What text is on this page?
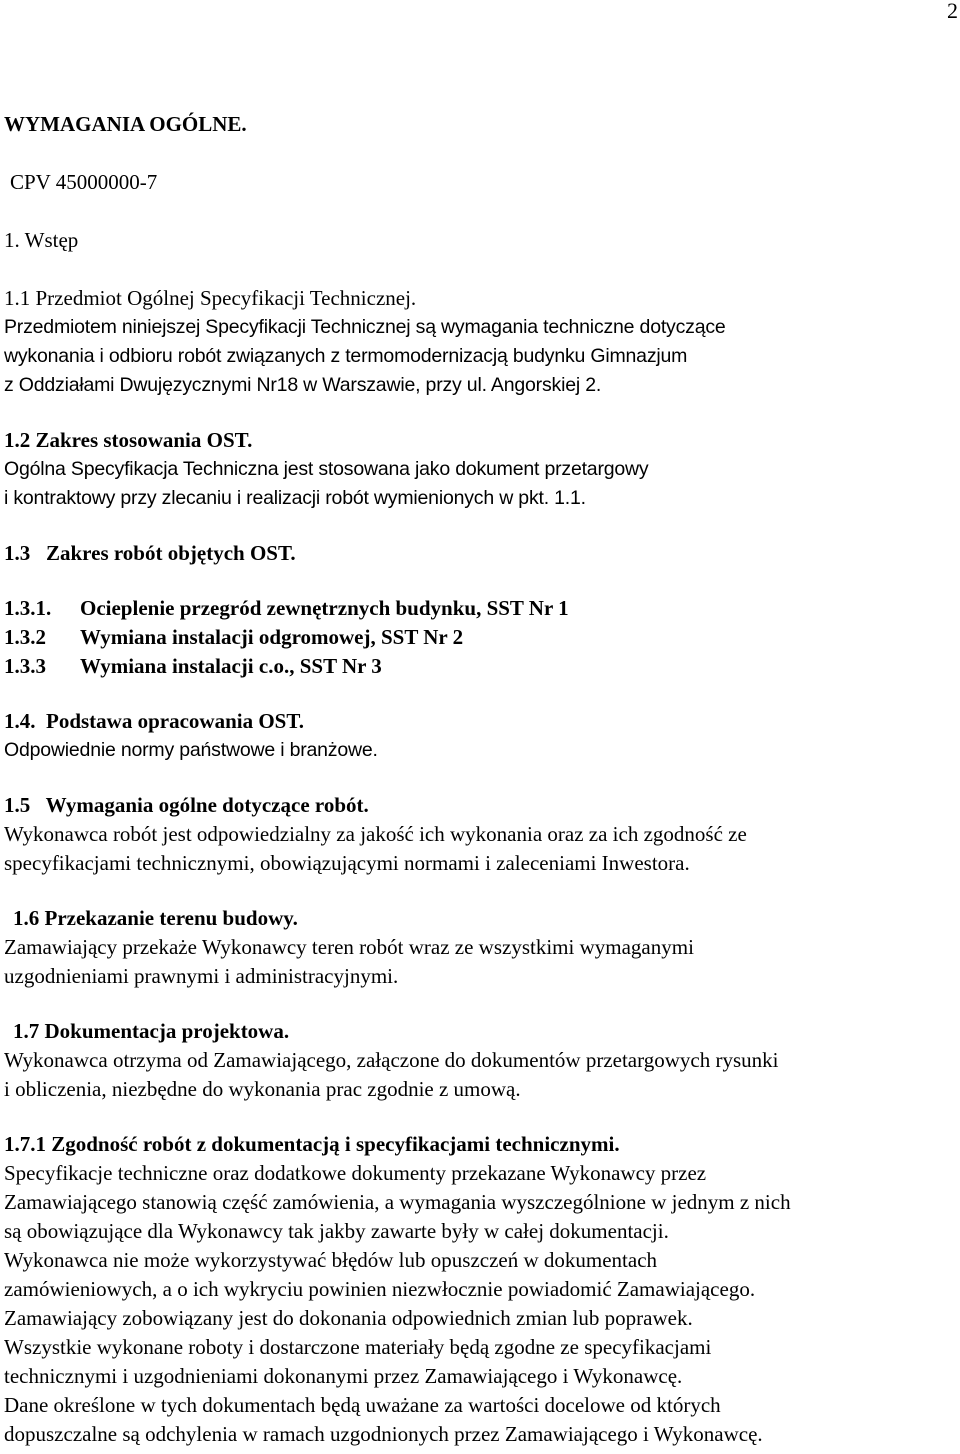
2
WYMAGANIA OGÓLNE.
CPV 45000000-7
1. Wstęp
1.1 Przedmiot Ogólnej Specyfikacji Technicznej.
Przedmiotem niniejszej Specyfikacji Technicznej są wymagania techniczne dotyczące
wykonania i odbioru robót związanych z termomodernizacją budynku Gimnazjum
z Oddziałami Dwujęzycznymi Nr18 w Warszawie, przy ul. Angorskiej 2.
1.2 Zakres stosowania OST.
Ogólna Specyfikacja Techniczna jest stosowana jako dokument przetargowy
i kontraktowy przy zlecaniu i realizacji robót wymienionych w pkt. 1.1.
1.3   Zakres robót objętych OST.
1.3.1. Ocieplenie przegród zewnętrznych budynku, SST Nr 1
1.3.2 Wymiana instalacji odgromowej, SST Nr 2
1.3.3 Wymiana instalacji c.o., SST Nr 3
1.4.  Podstawa opracowania OST.
Odpowiednie normy państwowe i branżowe.
1.5   Wymagania ogólne dotyczące robót.
Wykonawca robót jest odpowiedzialny za jakość ich wykonania oraz za ich zgodność ze
specyfikacjami technicznymi, obowiązującymi normami i zaleceniami Inwestora.
1.6 Przekazanie terenu budowy.
Zamawiający przekaże Wykonawcy teren robót wraz ze wszystkimi wymaganymi
uzgodnieniami prawnymi i administracyjnymi.
1.7 Dokumentacja projektowa.
Wykonawca otrzyma od Zamawiającego, załączone do dokumentów przetargowych rysunki
i obliczenia, niezbędne do wykonania prac zgodnie z umową.
1.7.1 Zgodność robót z dokumentacją i specyfikacjami technicznymi.
Specyfikacje techniczne oraz dodatkowe dokumenty przekazane Wykonawcy przez
Zamawiającego stanowią część zamówienia, a wymagania wyszczególnione w jednym z nich
są obowiązujące dla Wykonawcy tak jakby zawarte były w całej dokumentacji.
Wykonawca nie może wykorzystywać błędów lub opuszczeń w dokumentach
zamówieniowych, a o ich wykryciu powinien niezwłocznie powiadomić Zamawiającego.
Zamawiający zobowiązany jest do dokonania odpowiednich zmian lub poprawek.
Wszystkie wykonane roboty i dostarczone materiały będą zgodne ze specyfikacjami
technicznymi i uzgodnieniami dokonanymi przez Zamawiającego i Wykonawcę.
Dane określone w tych dokumentach będą uważane za wartości docelowe od których
dopuszczalne są odchylenia w ramach uzgodnionych przez Zamawiającego i Wykonawcę.
